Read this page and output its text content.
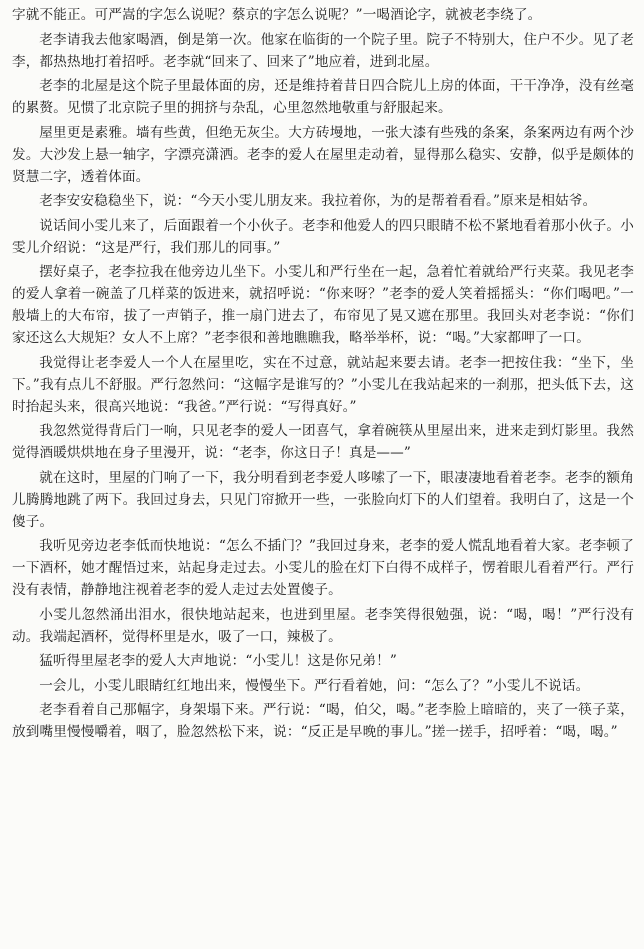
字就不能正。可严嵩的字怎么说呢？蔡京的字怎么说呢？”一喝酒论字，就被老李绕了。

老李请我去他家喝酒，倒是第一次。他家在临街的一个院子里。院子不特别大，住户不少。见了老李，都热热地打着招呼。老李就“回来了、回来了”地应着，进到北屋。

老李的北屋是这个院子里最体面的房，还是维持着昔日四合院儿上房的体面，干干净净，没有丝毫的累赘。见惯了北京院子里的拥挤与杂乱，心里忽然地敬重与舒服起来。

屋里更是素雅。墙有些黄，但绝无灰尘。大方砖墁地，一张大漆有些残的条案，条案两边有两个沙发。大沙发上悬一轴字，字漂亮潇洒。老李的爱人在屋里走动着，显得那么稳实、安静，似乎是颇体的贤慧二字，透着体面。

老李安安稳稳坐下，说：“今天小雯儿朋友来。我拉着你，为的是帮着看看。”原来是相姑爷。

说话间小雯儿来了，后面跟着一个小伙子。老李和他爱人的四只眼睛不松不紧地看着那小伙子。小雯儿介绍说：“这是严行，我们那儿的同事。”

摆好桌子，老李拉我在他旁边儿坐下。小雯儿和严行坐在一起，急着忙着就给严行夹菜。我见老李的爱人拿着一碗盖了几样菜的饭进来，就招呼说：“你来呀？”老李的爱人笑着摇摇头：“你们喝吧。”一般墙上的大布帘，拔了一声销子，推一扇门进去了，布帘见了晃又遮在那里。我回头对老李说：“你们家还这么大规矩？女人不上席？”老李很和善地瞧瞧我，略举举杯，说：“喝。”大家都呷了一口。

我觉得让老李爱人一个人在屋里吃，实在不过意，就站起来要去请。老李一把按住我：“坐下，坐下。”我有点儿不舒服。严行忽然问：“这幅字是谁写的？”小雯儿在我站起来的一刹那，把头低下去，这时抬起头来，很高兴地说：“我爸。”严行说：“写得真好。”

我忽然觉得背后门一响，只见老李的爱人一团喜气，拿着碗筷从里屋出来，进来走到灯影里。我然觉得酒暖烘烘地在身子里漫开，说：“老李，你这日子！真是——”

就在这时，里屋的门响了一下，我分明看到老李爱人哆嗦了一下，眼凄凄地看着老李。老李的额角儿腾腾地跳了两下。我回过身去，只见门帘掀开一些，一张脸向灯下的人们望着。我明白了，这是一个傻子。

我听见旁边老李低而快地说：“怎么不插门？”我回过身来，老李的爱人慌乱地看着大家。老李顿了一下酒杯，她才醒悟过来，站起身走过去。小雯儿的脸在灯下白得不成样子，愣着眼儿看着严行。严行没有表情，静静地注视着老李的爱人走过去处置傻子。

小雯儿忽然涌出泪水，很快地站起来，也进到里屋。老李笑得很勉强，说：“喝，喝！”严行没有动。我端起酒杯，觉得杯里是水，吸了一口，辣极了。

猛听得里屋老李的爱人大声地说：“小雯儿！这是你兄弟！”

一会儿，小雯儿眼睛红红地出来，慢慢坐下。严行看着她，问：“怎么了？”小雯儿不说话。

老李看着自己那幅字，身架塌下来。严行说：“喝，伯父，喝。”老李脸上暗暗的，夹了一筷子菜，放到嘴里慢慢嚼着，咽了，脸忽然松下来，说：“反正是早晚的事儿。”搓一搓手，招呼着：“喝，喝。”
